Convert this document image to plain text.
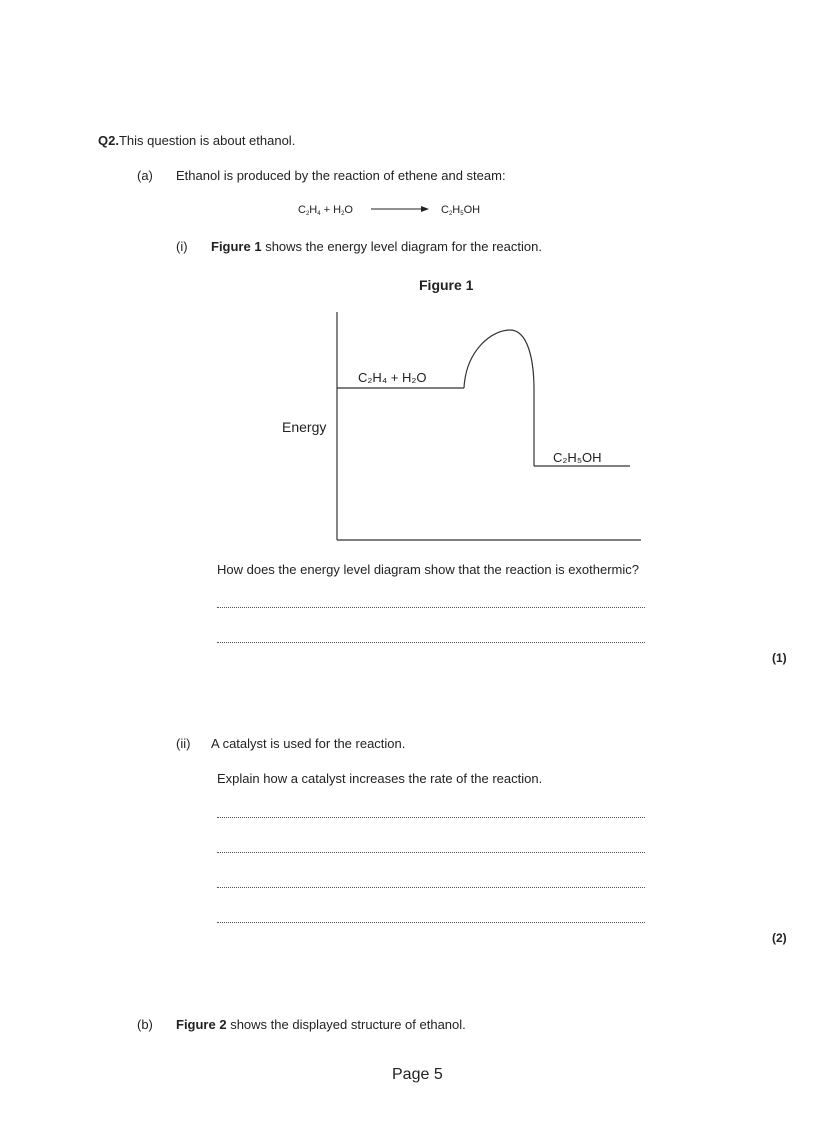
Q2.This question is about ethanol.
(a) Ethanol is produced by the reaction of ethene and steam:
$C_2H_4 + H_2O$	$C_2H_5OH$
(i) Figure 1 shows the energy level diagram for the reaction.
Figure 1
Energy
C₂H₄ + H₂O
C₂H₅OH
How does the energy level diagram show that the reaction is exothermic?
(1)
(ii) A catalyst is used for the reaction.
Explain how a catalyst increases the rate of the reaction.
(2)
(b) Figure 2 shows the displayed structure of ethanol.
Page 5
